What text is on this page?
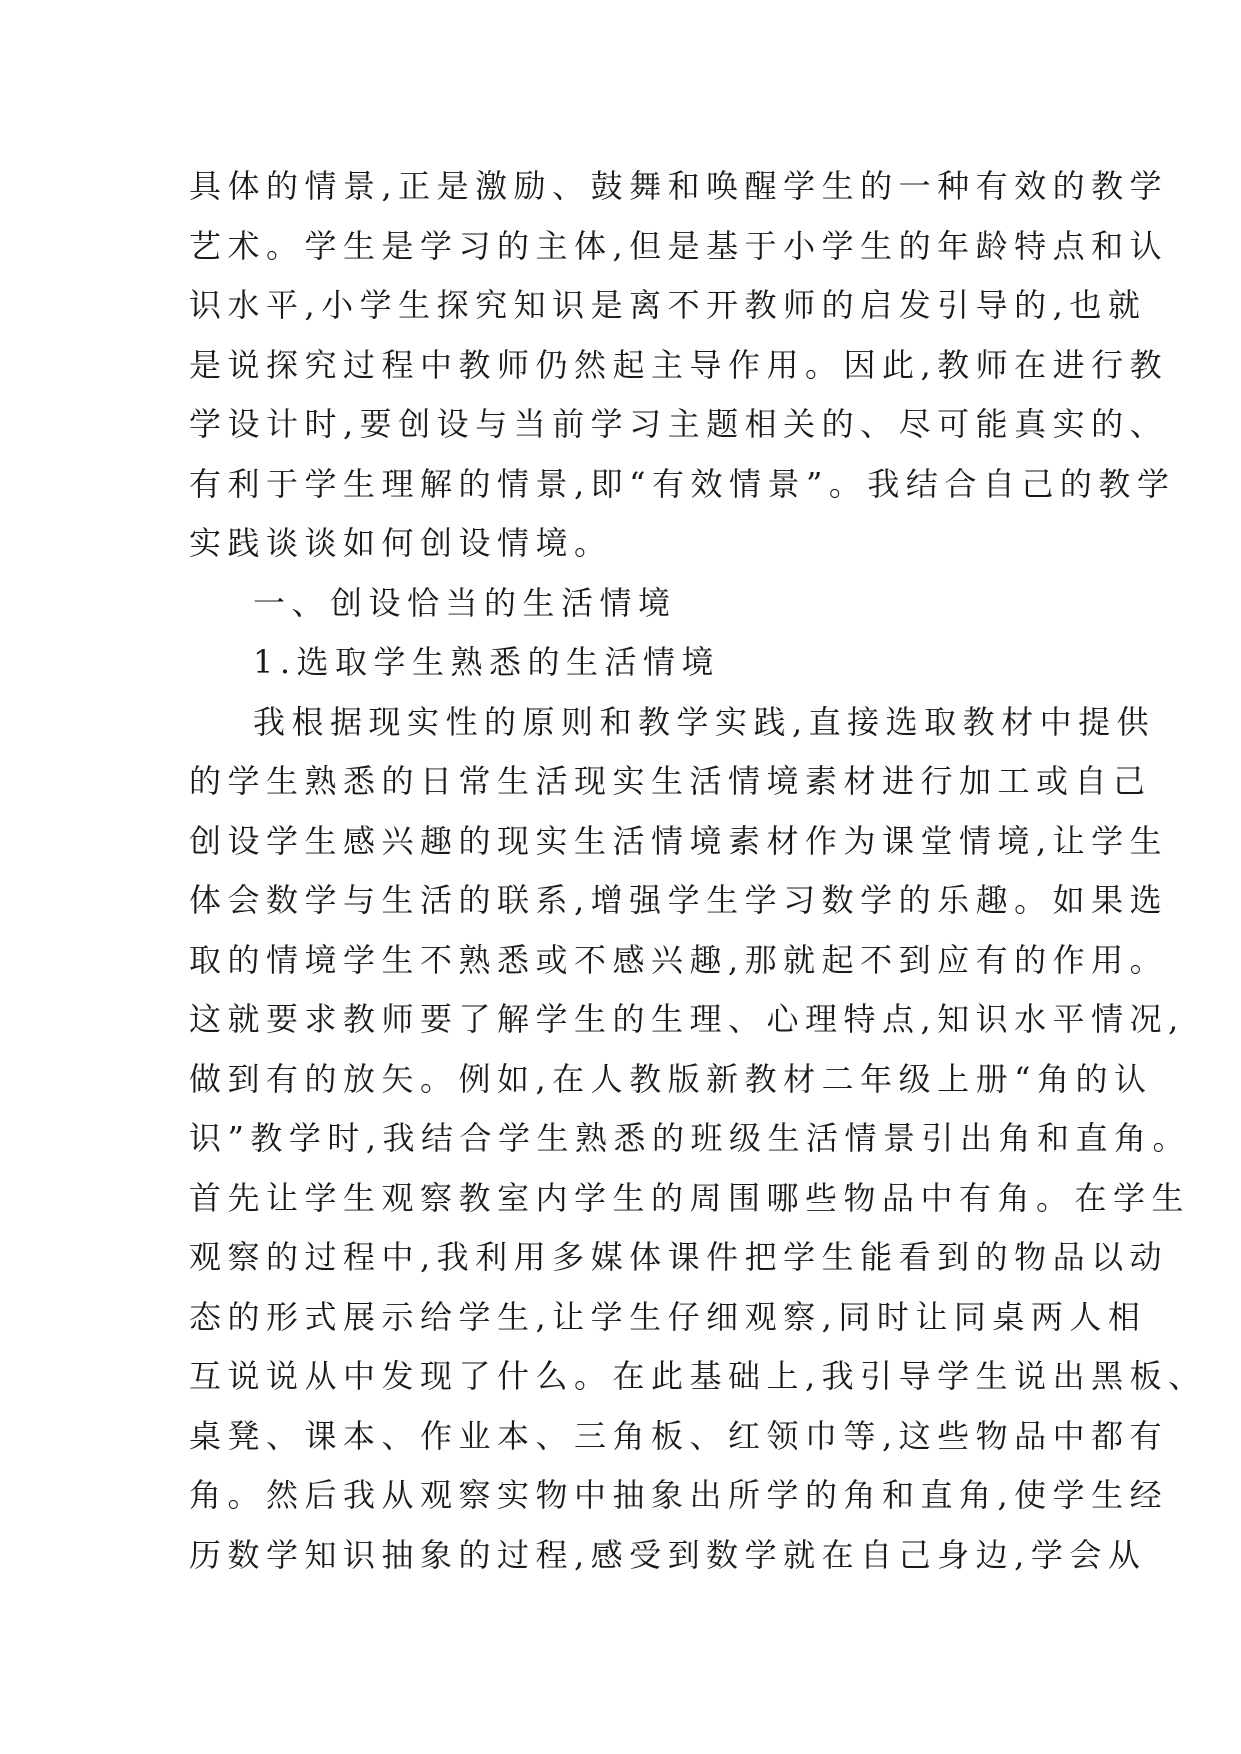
具体的情景,正是激励、鼓舞和唤醒学生的一种有效的教学
艺术。学生是学习的主体,但是基于小学生的年龄特点和认
识水平,小学生探究知识是离不开教师的启发引导的,也就
是说探究过程中教师仍然起主导作用。因此,教师在进行教
学设计时,要创设与当前学习主题相关的、尽可能真实的、
有利于学生理解的情景,即“有效情景”。我结合自己的教学
实践谈谈如何创设情境。
一、创设恰当的生活情境
1.选取学生熟悉的生活情境
我根据现实性的原则和教学实践,直接选取教材中提供
的学生熟悉的日常生活现实生活情境素材进行加工或自己
创设学生感兴趣的现实生活情境素材作为课堂情境,让学生
体会数学与生活的联系,增强学生学习数学的乐趣。如果选
取的情境学生不熟悉或不感兴趣,那就起不到应有的作用。
这就要求教师要了解学生的生理、心理特点,知识水平情况,
做到有的放矢。例如,在人教版新教材二年级上册“角的认
识”教学时,我结合学生熟悉的班级生活情景引出角和直角。
首先让学生观察教室内学生的周围哪些物品中有角。在学生
观察的过程中,我利用多媒体课件把学生能看到的物品以动
态的形式展示给学生,让学生仔细观察,同时让同桌两人相
互说说从中发现了什么。在此基础上,我引导学生说出黑板、
桌凳、课本、作业本、三角板、红领巾等,这些物品中都有
角。然后我从观察实物中抽象出所学的角和直角,使学生经
历数学知识抽象的过程,感受到数学就在自己身边,学会从
